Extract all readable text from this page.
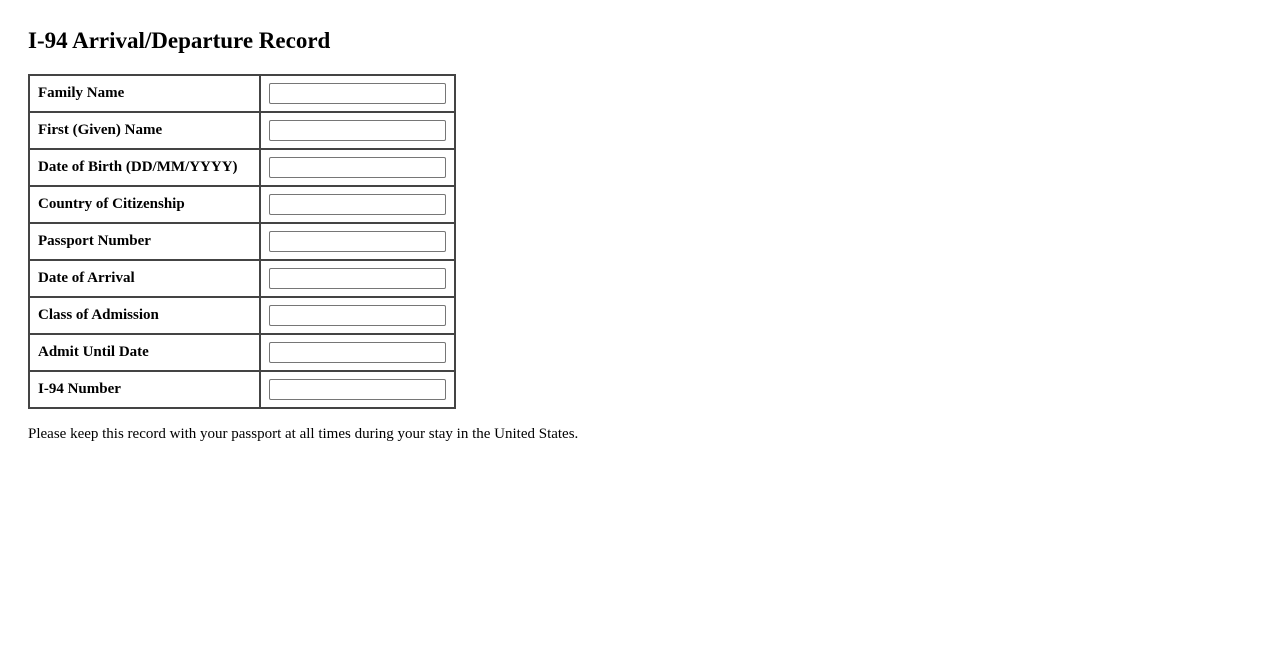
I-94 Arrival/Departure Record
Family Name	

First (Given) Name	

Date of Birth (DD/MM/YYYY)	

Country of Citizenship	

Passport Number	

Date of Arrival	

Class of Admission	

Admit Until Date	

I-94 Number	

Please keep this record with your passport at all times during your stay in the United States.
